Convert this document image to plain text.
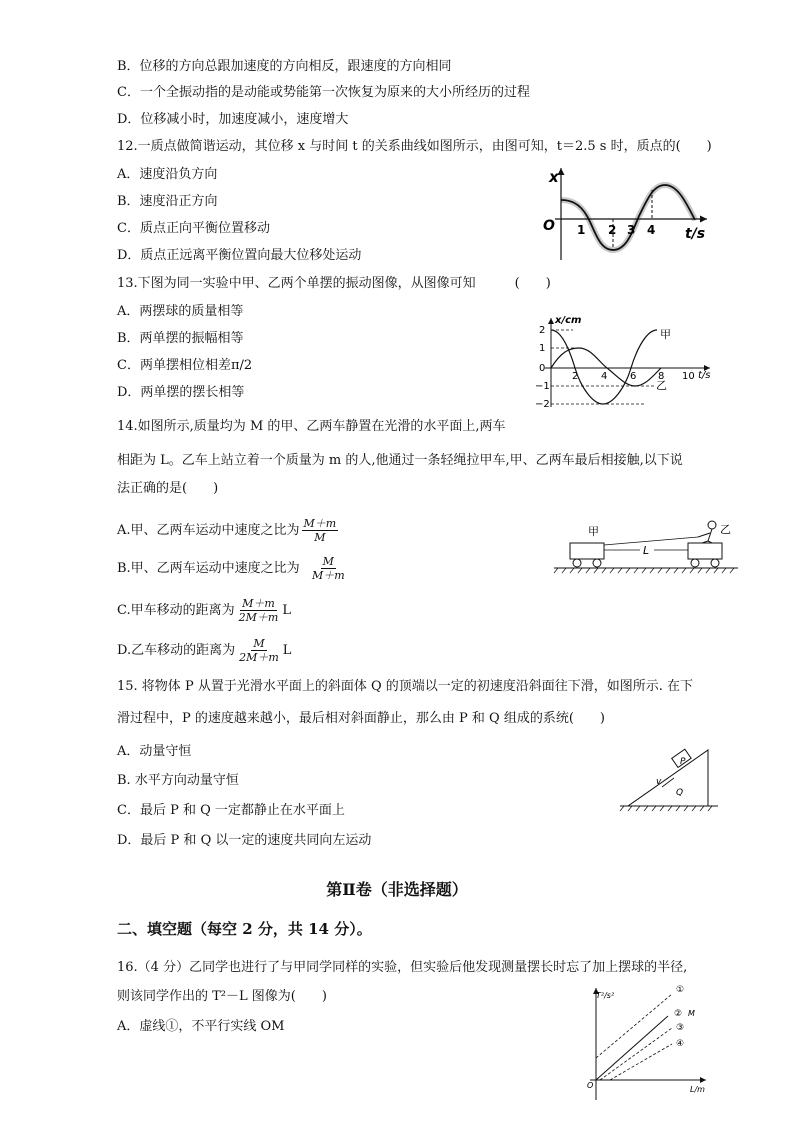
B．位移的方向总跟加速度的方向相反，跟速度的方向相同
C．一个全振动指的是动能或势能第一次恢复为原来的大小所经历的过程
D．位移减小时，加速度减小，速度增大
12.一质点做简谐运动，其位移 x 与时间 t 的关系曲线如图所示，由图可知，t＝2.5 s 时，质点的(　　)
A．速度沿负方向
B．速度沿正方向
C．质点正向平衡位置移动
D．质点正远离平衡位置向最大位移处运动
x
O 1 2 3 4 t/s
13.下图为同一实验中甲、乙两个单摆的振动图像，从图像可知　　　(　　)
A．两摆球的质量相等
B．两单摆的振幅相等
C．两单摆相位相差π/2
D．两单摆的摆长相等
2
1
0
−1
−2
x/cm
2 4 6 8 10 t/s
甲
乙
14.如图所示,质量均为 M 的甲、乙两车静置在光滑的水平面上,两车
相距为 L。乙车上站立着一个质量为 m 的人,他通过一条轻绳拉甲车,甲、乙两车最后相接触,以下说
法正确的是(　　)
A.甲、乙两车运动中速度之比为 $\frac{M+m}{M}$
B.甲、乙两车运动中速度之比为 $\frac{M}{M+m}$
C.甲车移动的距离为 $\frac{M+m}{2M+m}$ L
D.乙车移动的距离为 $\frac{M}{2M+m}$ L
甲	乙
L
15. 将物体 P 从置于光滑水平面上的斜面体 Q 的顶端以一定的初速度沿斜面往下滑，如图所示. 在下
滑过程中，P 的速度越来越小，最后相对斜面静止，那么由 P 和 Q 组成的系统(　　)
A．动量守恒
B. 水平方向动量守恒
C．最后 P 和 Q 一定都静止在水平面上
D．最后 P 和 Q 以一定的速度共同向左运动
P
Q
v
第Ⅱ卷（非选择题）
二、填空题（每空 2 分，共 14 分）。
16.（4 分）乙同学也进行了与甲同学同样的实验，但实验后他发现测量摆长时忘了加上摆球的半径,
则该同学作出的 T²－L 图像为(　　)
A．虚线①，不平行实线 OM
T²/s²
L/m
O
①
② M
③
④
